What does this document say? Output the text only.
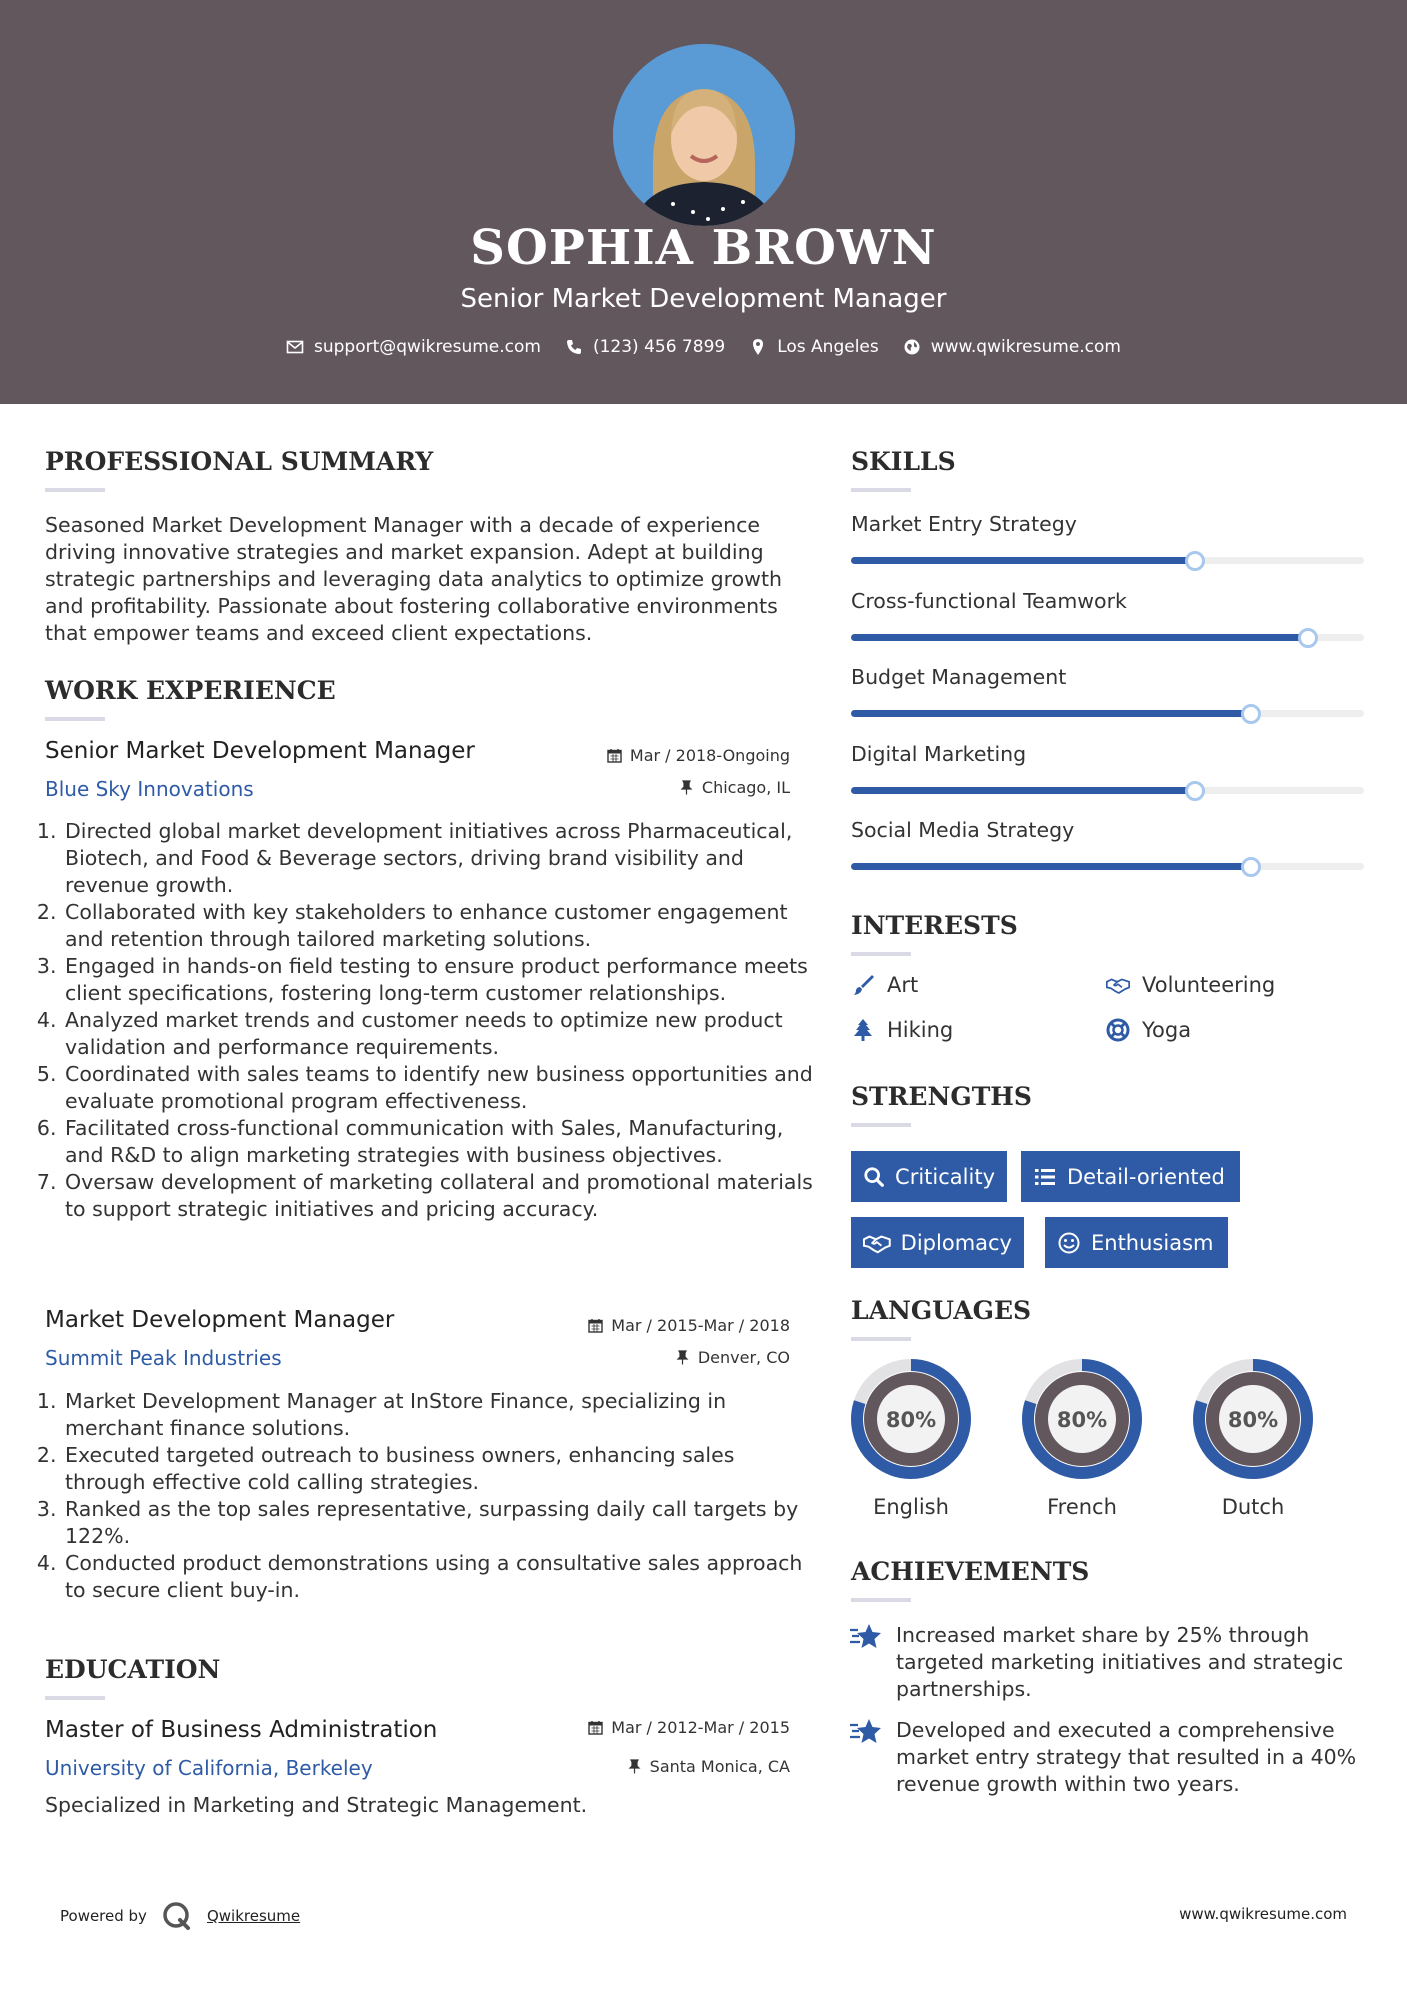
SOPHIA BROWN
Senior Market Development Manager
support@qwikresume.com	(123) 456 7899	Los Angeles	www.qwikresume.com
PROFESSIONAL SUMMARY
Seasoned Market Development Manager with a decade of experience driving innovative strategies and market expansion. Adept at building strategic partnerships and leveraging data analytics to optimize growth and profitability. Passionate about fostering collaborative environments that empower teams and exceed client expectations.
WORK EXPERIENCE
Senior Market Development Manager	Mar / 2018-Ongoing
Blue Sky Innovations	Chicago, IL
1. Directed global market development initiatives across Pharmaceutical, Biotech, and Food & Beverage sectors, driving brand visibility and revenue growth.
2. Collaborated with key stakeholders to enhance customer engagement and retention through tailored marketing solutions.
3. Engaged in hands-on field testing to ensure product performance meets client specifications, fostering long-term customer relationships.
4. Analyzed market trends and customer needs to optimize new product validation and performance requirements.
5. Coordinated with sales teams to identify new business opportunities and evaluate promotional program effectiveness.
6. Facilitated cross-functional communication with Sales, Manufacturing, and R&D to align marketing strategies with business objectives.
7. Oversaw development of marketing collateral and promotional materials to support strategic initiatives and pricing accuracy.
Market Development Manager	Mar / 2015-Mar / 2018
Summit Peak Industries	Denver, CO
1. Market Development Manager at InStore Finance, specializing in merchant finance solutions.
2. Executed targeted outreach to business owners, enhancing sales through effective cold calling strategies.
3. Ranked as the top sales representative, surpassing daily call targets by 122%.
4. Conducted product demonstrations using a consultative sales approach to secure client buy-in.
EDUCATION
Master of Business Administration	Mar / 2012-Mar / 2015
University of California, Berkeley	Santa Monica, CA
Specialized in Marketing and Strategic Management.
SKILLS
Market Entry Strategy
Cross-functional Teamwork
Budget Management
Digital Marketing
Social Media Strategy
INTERESTS
Art	Volunteering
Hiking	Yoga
STRENGTHS
Criticality	Detail-oriented
Diplomacy	Enthusiasm
LANGUAGES
80%
English
80%
French
80%
Dutch
ACHIEVEMENTS
Increased market share by 25% through targeted marketing initiatives and strategic partnerships.
Developed and executed a comprehensive market entry strategy that resulted in a 40% revenue growth within two years.
Powered by	Qwikresume	www.qwikresume.com
